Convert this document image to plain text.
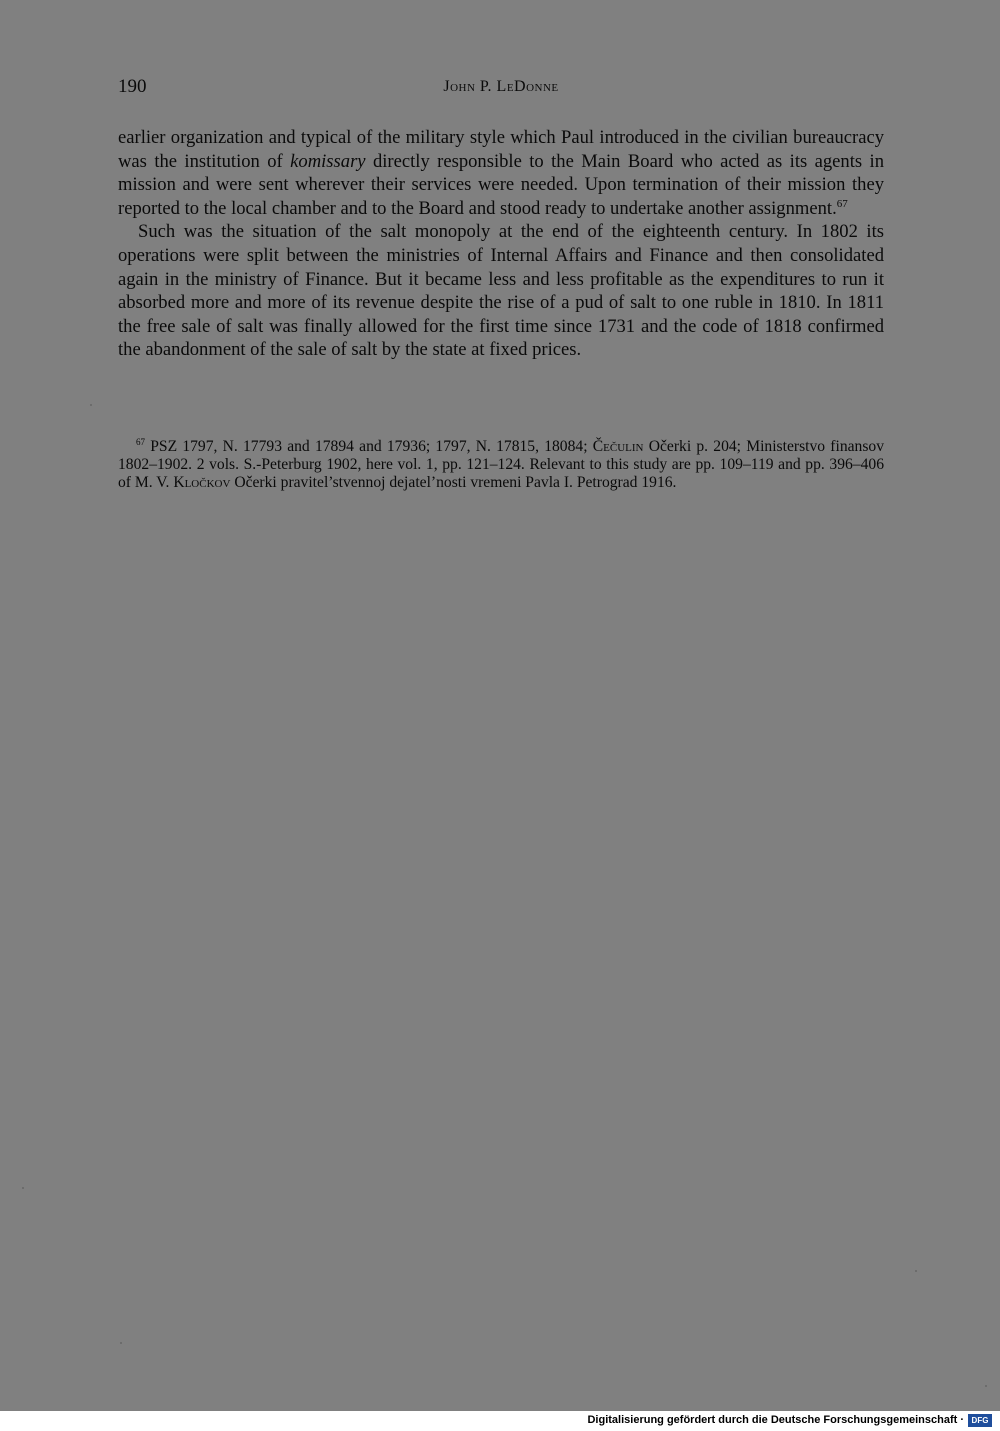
190	John P. LeDonne

earlier organization and typical of the military style which Paul introduced in the civilian bureaucracy was the institution of komissary directly responsible to the Main Board who acted as its agents in mission and were sent wherever their services were needed. Upon termination of their mission they reported to the local chamber and to the Board and stood ready to undertake another assignment.$^{67}$

Such was the situation of the salt monopoly at the end of the eighteenth century. In 1802 its operations were split between the ministries of Internal Affairs and Finance and then consolidated again in the ministry of Finance. But it became less and less profitable as the expenditures to run it absorbed more and more of its revenue despite the rise of a pud of salt to one ruble in 1810. In 1811 the free sale of salt was finally allowed for the first time since 1731 and the code of 1818 confirmed the abandonment of the sale of salt by the state at fixed prices.

$^{67}$ PSZ 1797, N. 17793 and 17894 and 17936; 1797, N. 17815, 18084; Čečulin Očerki p. 204; Ministerstvo finansov 1802–1902. 2 vols. S.-Peterburg 1902, here vol. 1, pp. 121–124. Relevant to this study are pp. 109–119 and pp. 396–406 of M. V. Kločkov Očerki pravitel’stvennoj dejatel’nosti vremeni Pavla I. Petrograd 1916.

Digitalisierung gefördert durch die Deutsche Forschungsgemeinschaft · DFG
